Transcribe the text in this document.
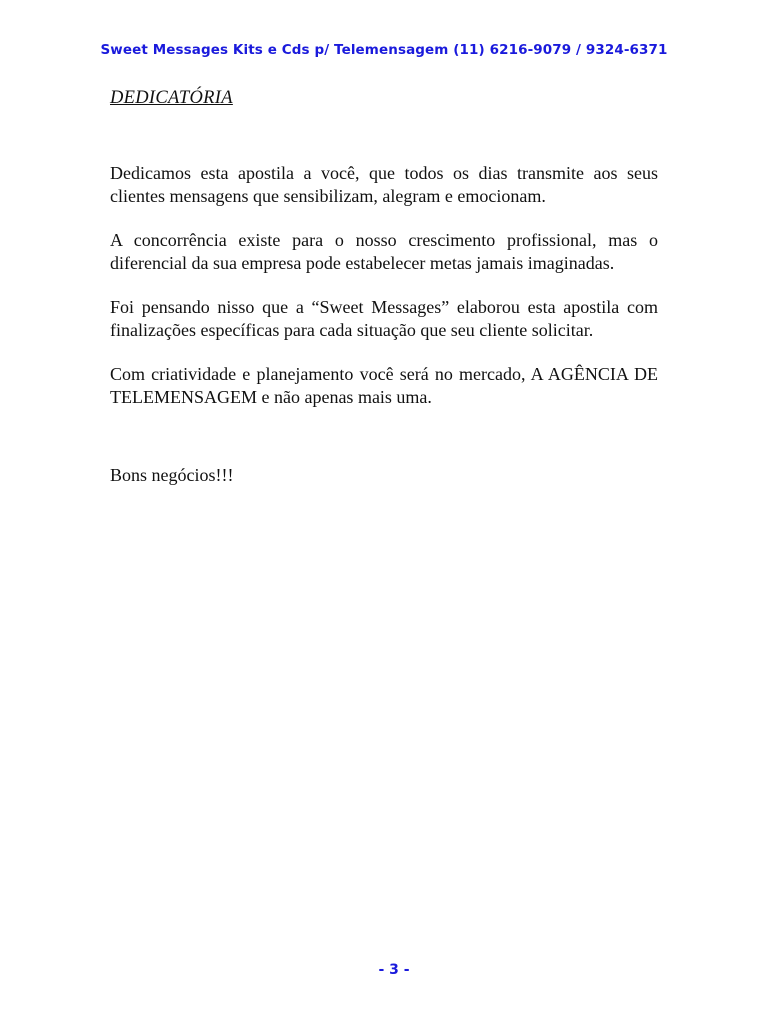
Sweet Messages Kits e Cds p/ Telemensagem (11) 6216-9079 / 9324-6371
DEDICATÓRIA

Dedicamos esta apostila a você, que todos os dias transmite aos seus clientes mensagens que sensibilizam, alegram e emocionam.

A concorrência existe para o nosso crescimento profissional, mas o diferencial da sua empresa pode estabelecer metas jamais imaginadas.

Foi pensando nisso que a “Sweet Messages” elaborou esta apostila com finalizações específicas para cada situação que seu cliente solicitar.

Com criatividade e planejamento você será no mercado, A AGÊNCIA DE TELEMENSAGEM e não apenas mais uma.

Bons negócios!!!

- 3 -
